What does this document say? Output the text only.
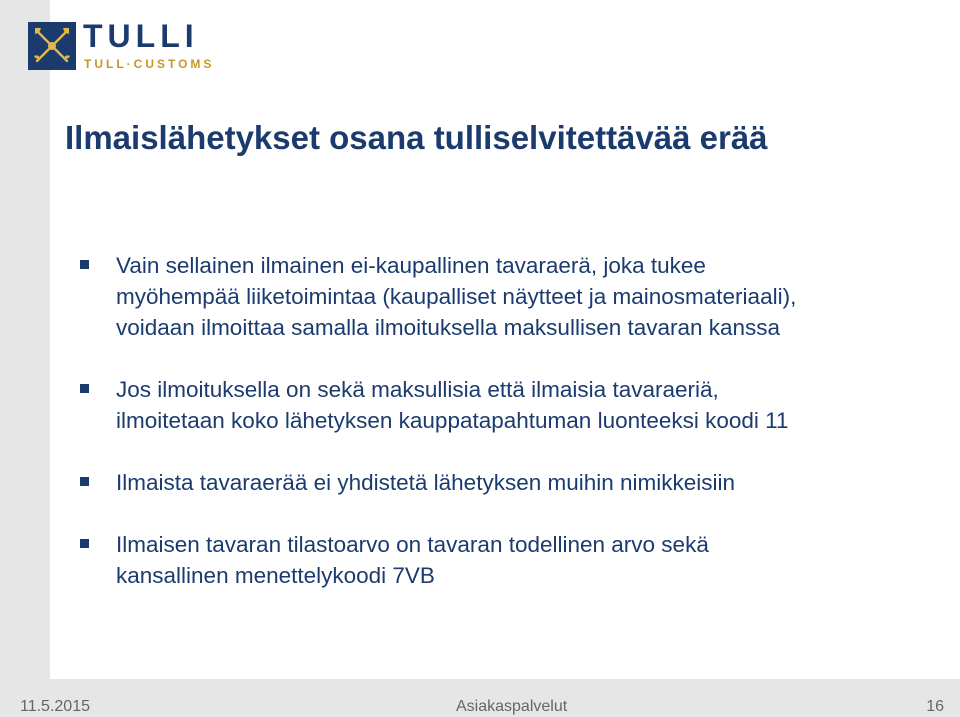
TULLI
TULL·CUSTOMS
Ilmaislähetykset osana tulliselvitettävää erää
Vain sellainen ilmainen ei-kaupallinen tavaraerä, joka tukee
myöhempää liiketoimintaa (kaupalliset näytteet ja mainosmateriaali),
voidaan ilmoittaa samalla ilmoituksella maksullisen tavaran kanssa
Jos ilmoituksella on sekä maksullisia että ilmaisia tavaraeriä,
ilmoitetaan koko lähetyksen kauppatapahtuman luonteeksi koodi 11
Ilmaista tavaraerää ei yhdistetä lähetyksen muihin nimikkeisiin
Ilmaisen tavaran tilastoarvo on tavaran todellinen arvo sekä
kansallinen menettelykoodi 7VB
11.5.2015	Asiakaspalvelut	16
